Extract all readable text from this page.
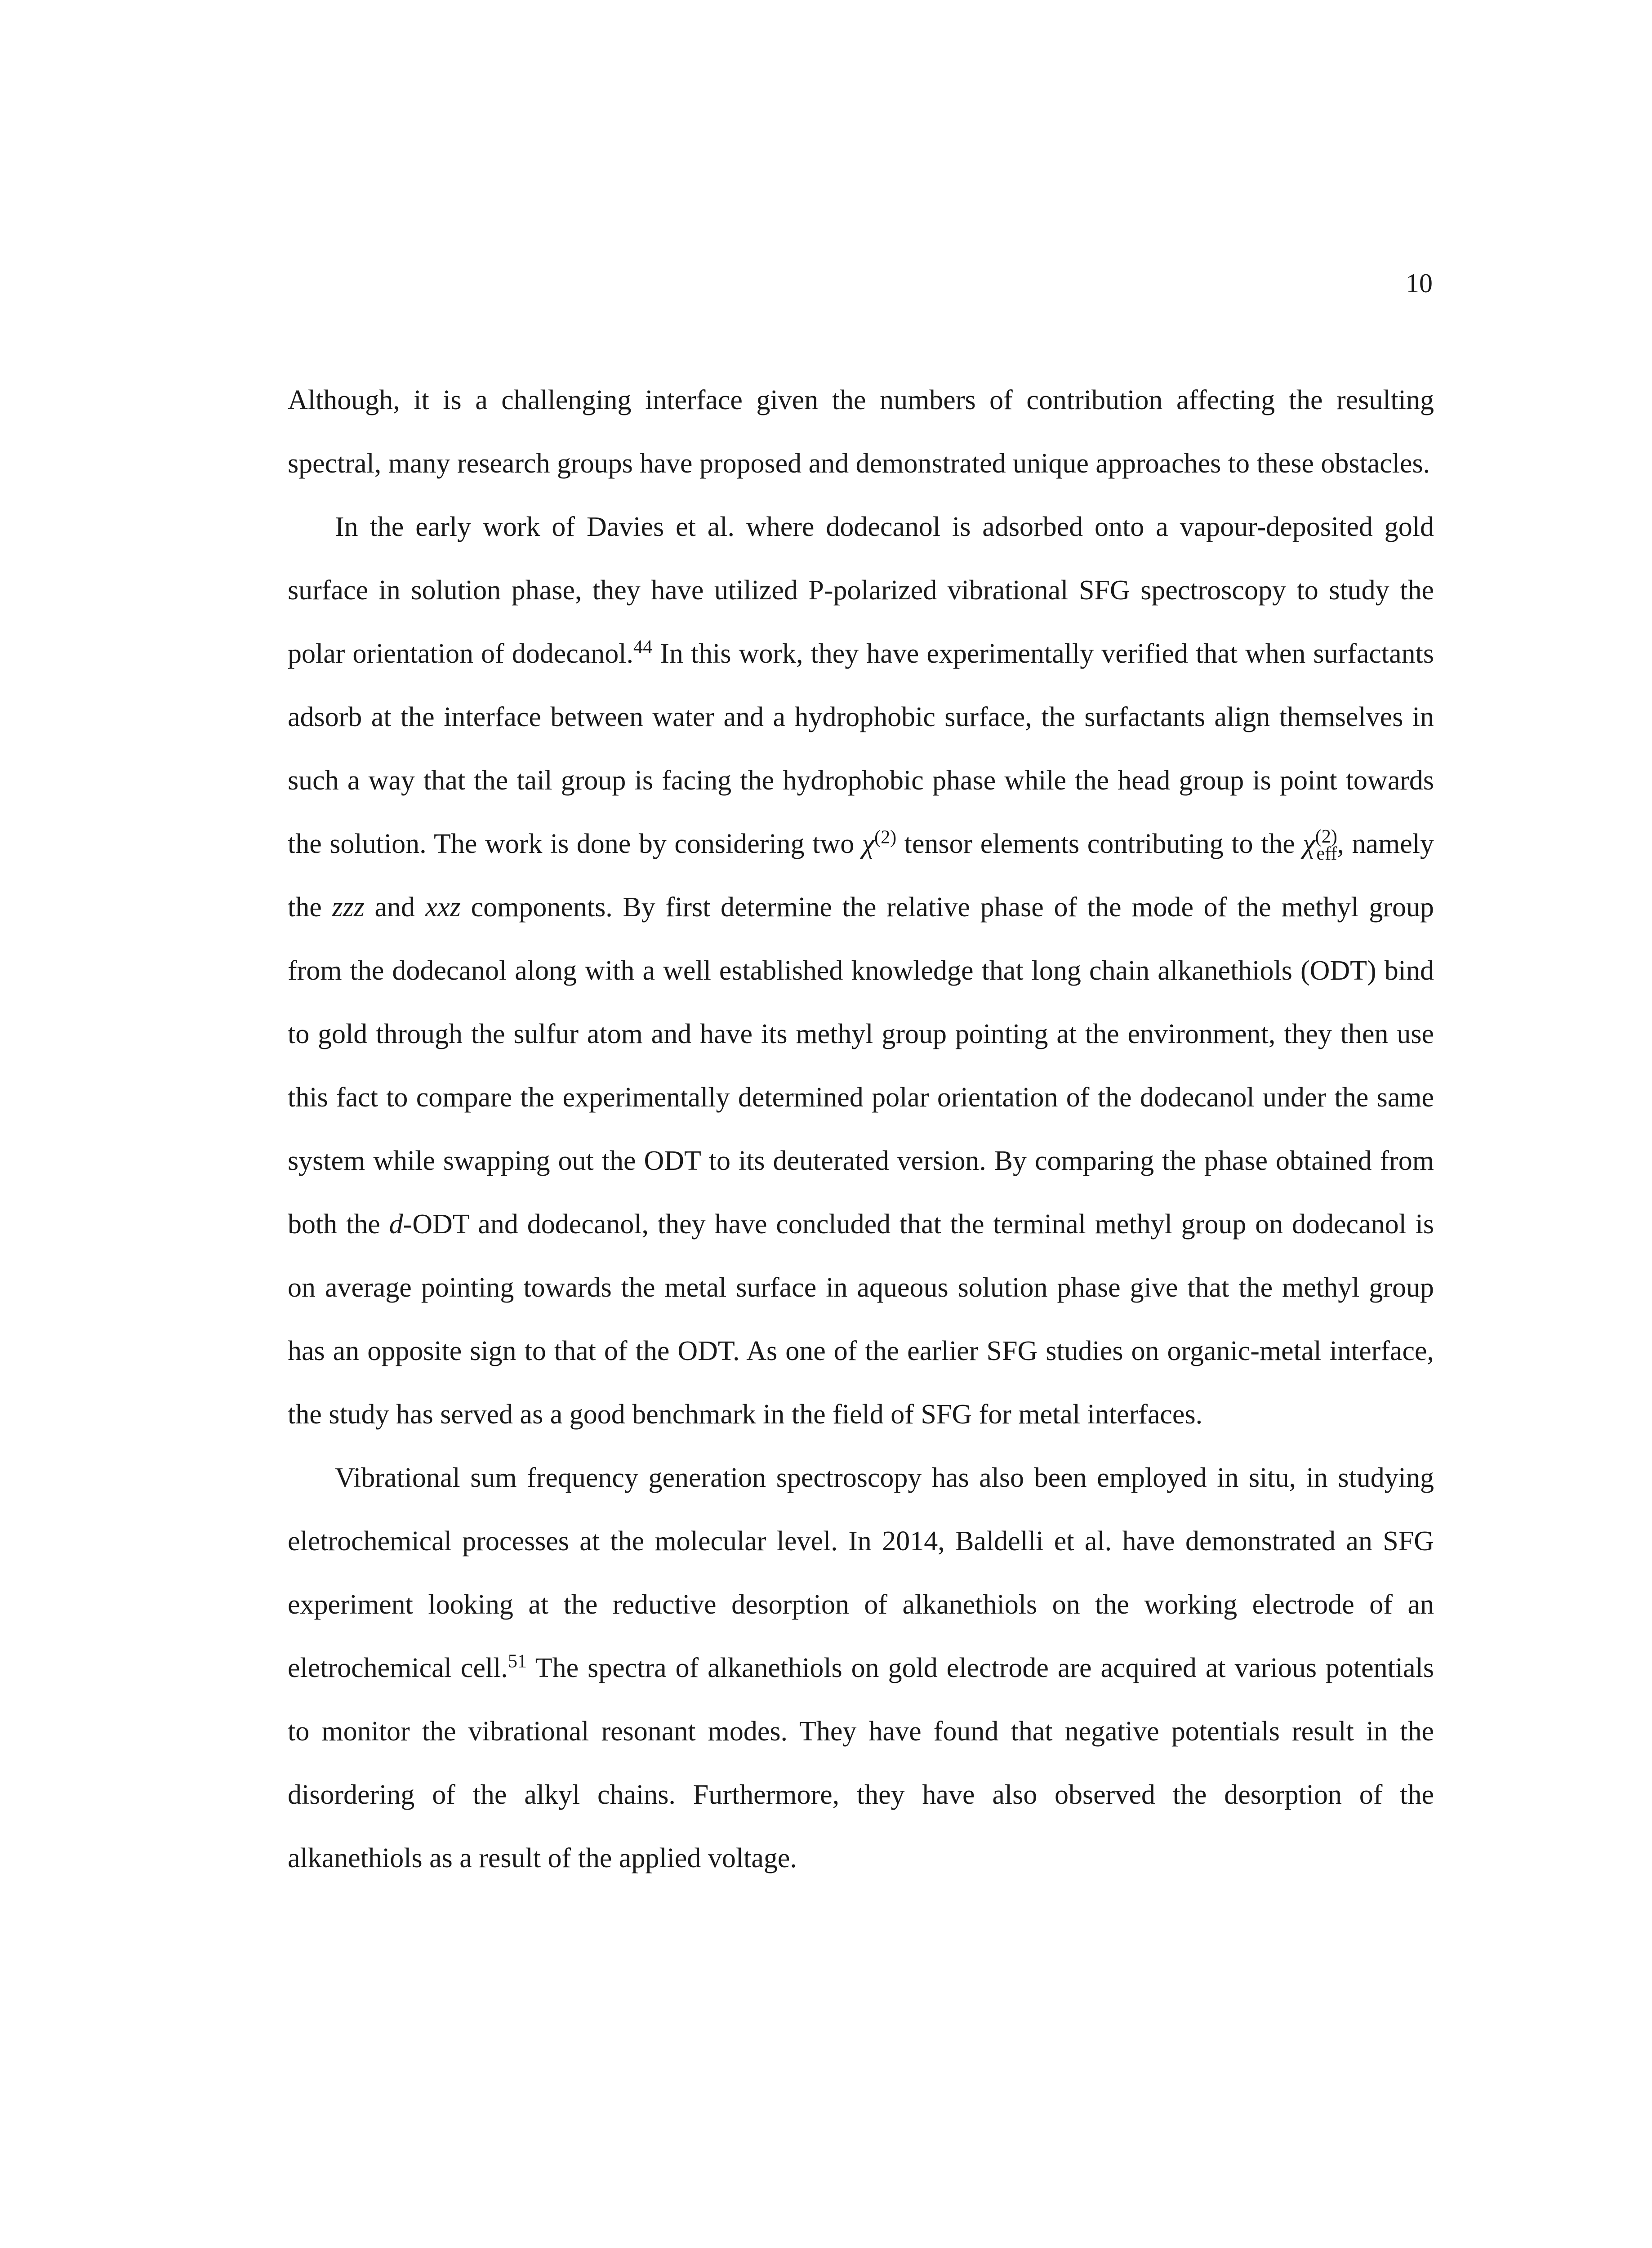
10

Although, it is a challenging interface given the numbers of contribution affecting the resulting spectral, many research groups have proposed and demonstrated unique approaches to these obstacles.

In the early work of Davies et al. where dodecanol is adsorbed onto a vapour-deposited gold surface in solution phase, they have utilized P-polarized vibrational SFG spectroscopy to study the polar orientation of dodecanol.$^{44}$ In this work, they have experimentally verified that when surfactants adsorb at the interface between water and a hydrophobic surface, the surfactants align themselves in such a way that the tail group is facing the hydrophobic phase while the head group is point towards the solution. The work is done by considering two $\chi^{(2)}$ tensor elements contributing to the χ(2)eff, namely the zzz and xxz components. By first determine the relative phase of the mode of the methyl group from the dodecanol along with a well established knowledge that long chain alkanethiols (ODT) bind to gold through the sulfur atom and have its methyl group pointing at the environment, they then use this fact to compare the experimentally determined polar orientation of the dodecanol under the same system while swapping out the ODT to its deuterated version. By comparing the phase obtained from both the d-ODT and dodecanol, they have concluded that the terminal methyl group on dodecanol is on average pointing towards the metal surface in aqueous solution phase give that the methyl group has an opposite sign to that of the ODT. As one of the earlier SFG studies on organic-metal interface, the study has served as a good benchmark in the field of SFG for metal interfaces.

Vibrational sum frequency generation spectroscopy has also been employed in situ, in studying eletrochemical processes at the molecular level. In 2014, Baldelli et al. have demonstrated an SFG experiment looking at the reductive desorption of alkanethiols on the working electrode of an eletrochemical cell.$^{51}$ The spectra of alkanethiols on gold electrode are acquired at various potentials to monitor the vibrational resonant modes. They have found that negative potentials result in the disordering of the alkyl chains. Furthermore, they have also observed the desorption of the alkanethiols as a result of the applied voltage.
